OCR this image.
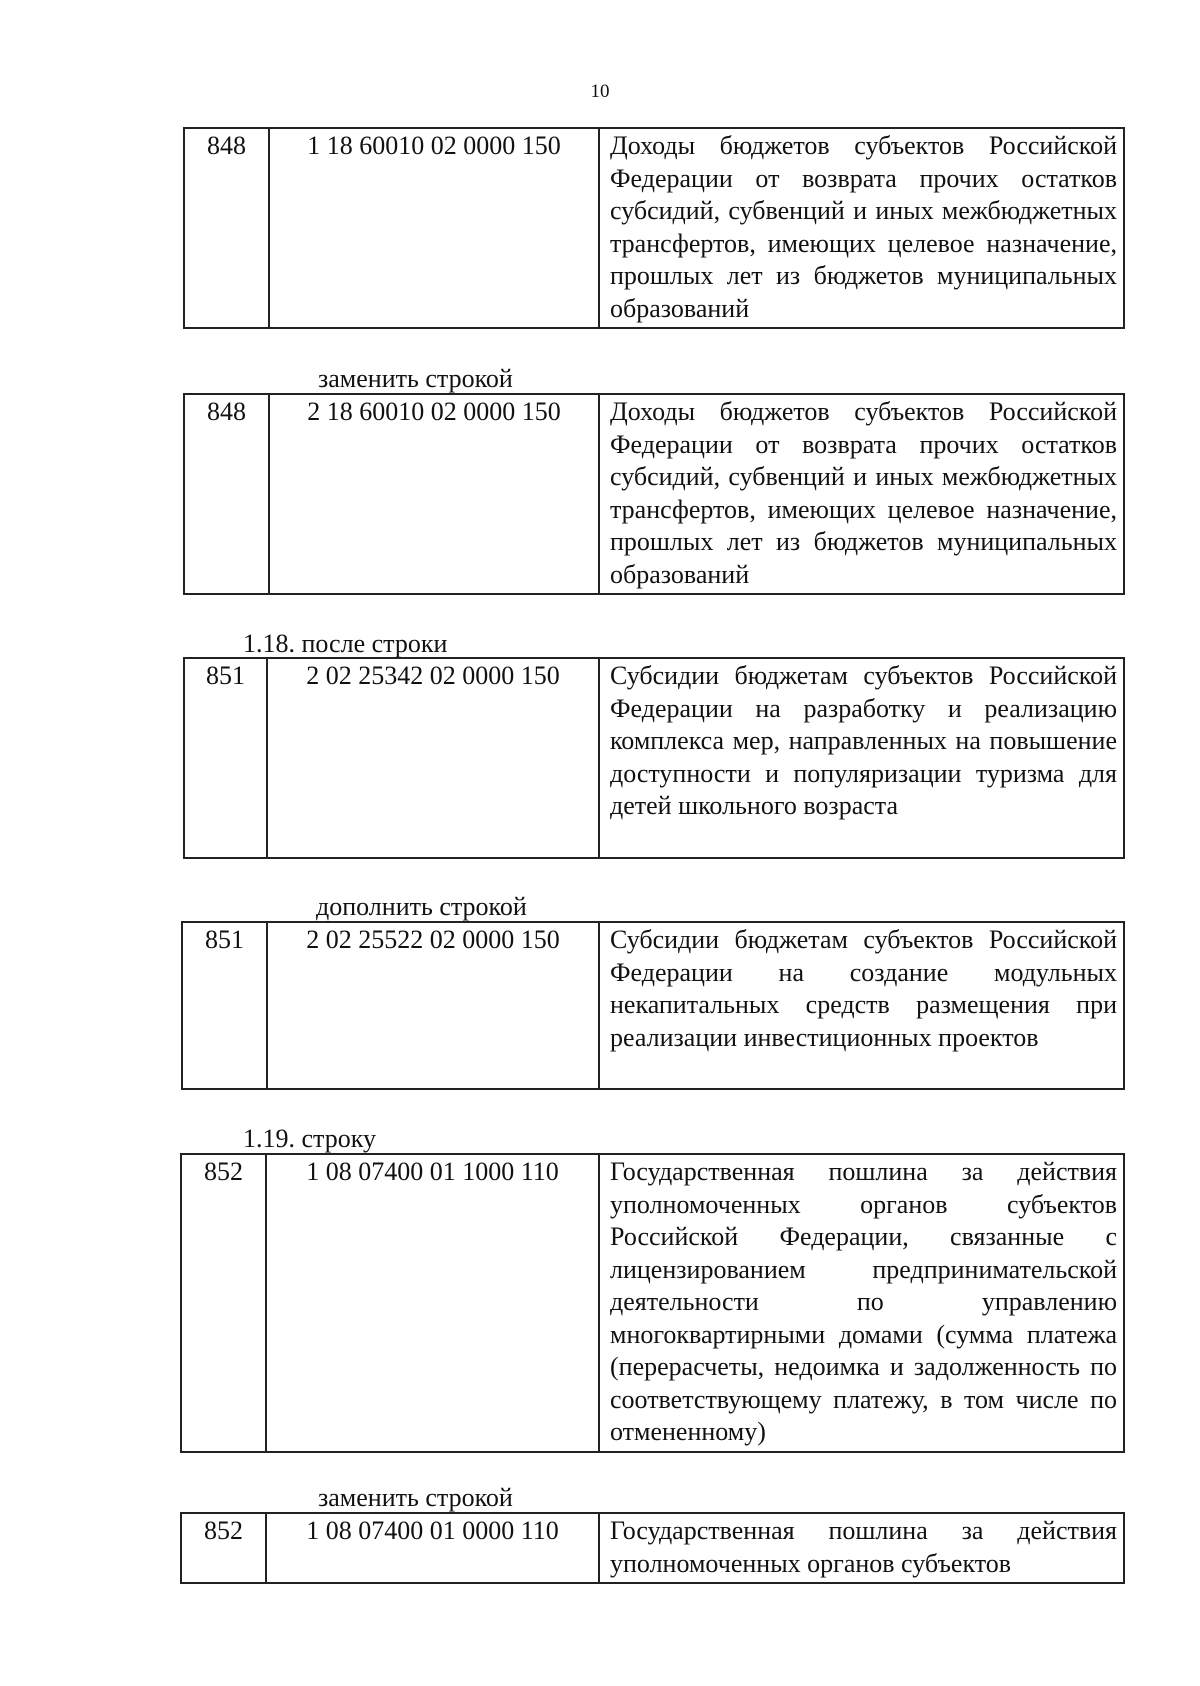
10
848	1 18 60010 02 0000 150	Доходы бюджетов субъектов Российской Федерации от возврата прочих остатков субсидий, субвенций и иных межбюджетных трансфертов, имеющих целевое назначение, прошлых лет из бюджетов муниципальных образований
заменить строкой
848	2 18 60010 02 0000 150	Доходы бюджетов субъектов Российской Федерации от возврата прочих остатков субсидий, субвенций и иных межбюджетных трансфертов, имеющих целевое назначение, прошлых лет из бюджетов муниципальных образований
1.18. после строки
851	2 02 25342 02 0000 150	Субсидии бюджетам субъектов Российской Федерации на разработку и реализацию комплекса мер, направленных на повышение доступности и популяризации туризма для детей школьного возраста
дополнить строкой
851	2 02 25522 02 0000 150	Субсидии бюджетам субъектов Российской Федерации на создание модульных некапитальных средств размещения при реализации инвестиционных проектов
1.19. строку
852	1 08 07400 01 1000 110	Государственная пошлина за действия уполномоченных органов субъектов Российской Федерации, связанные с лицензированием предпринимательской деятельности по управлению многоквартирными домами (сумма платежа (перерасчеты, недоимка и задолженность по соответствующему платежу, в том числе по отмененному)
заменить строкой
852	1 08 07400 01 0000 110	Государственная пошлина за действия уполномоченных органов субъектов
